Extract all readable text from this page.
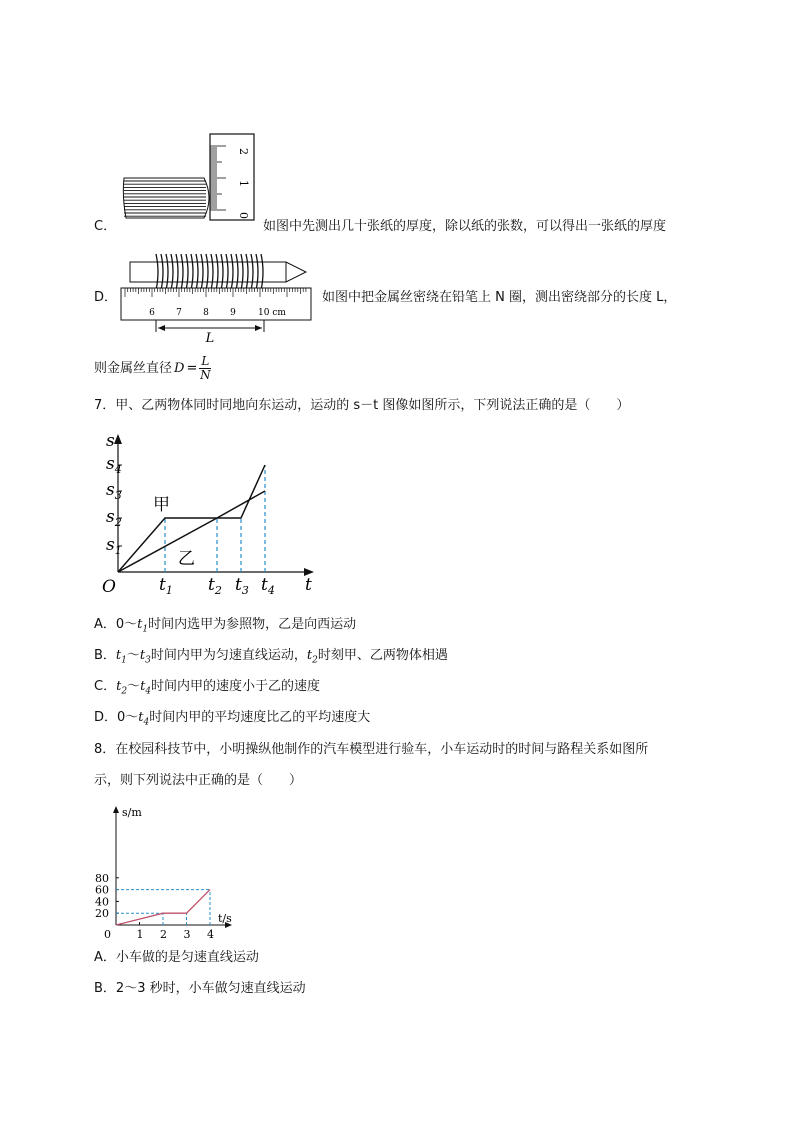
2
1
0
C．	如图中先测出几十张纸的厚度，除以纸的张数，可以得出一张纸的厚度
6 7 8 9 10 cm
L
D．	如图中把金属丝密绕在铅笔上 N 圈，测出密绕部分的长度 L，
则金属丝直径 $D = \frac{L}{N}$
7．甲、乙两物体同时同地向东运动，运动的 s－t 图像如图所示，下列说法正确的是（　　）
O	t
s
$t_1$ $t_2$ $t_3$ $t_4$
$s_1$
$s_2$
$s_3$
$s_4$
甲
乙
A．$0\sim t_1$时间内选甲为参照物，乙是向西运动
B．$t_1\sim t_3$时间内甲为匀速直线运动，$t_2$时刻甲、乙两物体相遇
C．$t_2\sim t_4$时间内甲的速度小于乙的速度
D．$0\sim t_4$时间内甲的平均速度比乙的平均速度大
8．在校园科技节中，小明操纵他制作的汽车模型进行验车，小车运动时的时间与路程关系如图所
示，则下列说法中正确的是（　　）
s/m
t/s
0 1 2 3 4
20
40
60
80
A．小车做的是匀速直线运动
B．2～3 秒时，小车做匀速直线运动
